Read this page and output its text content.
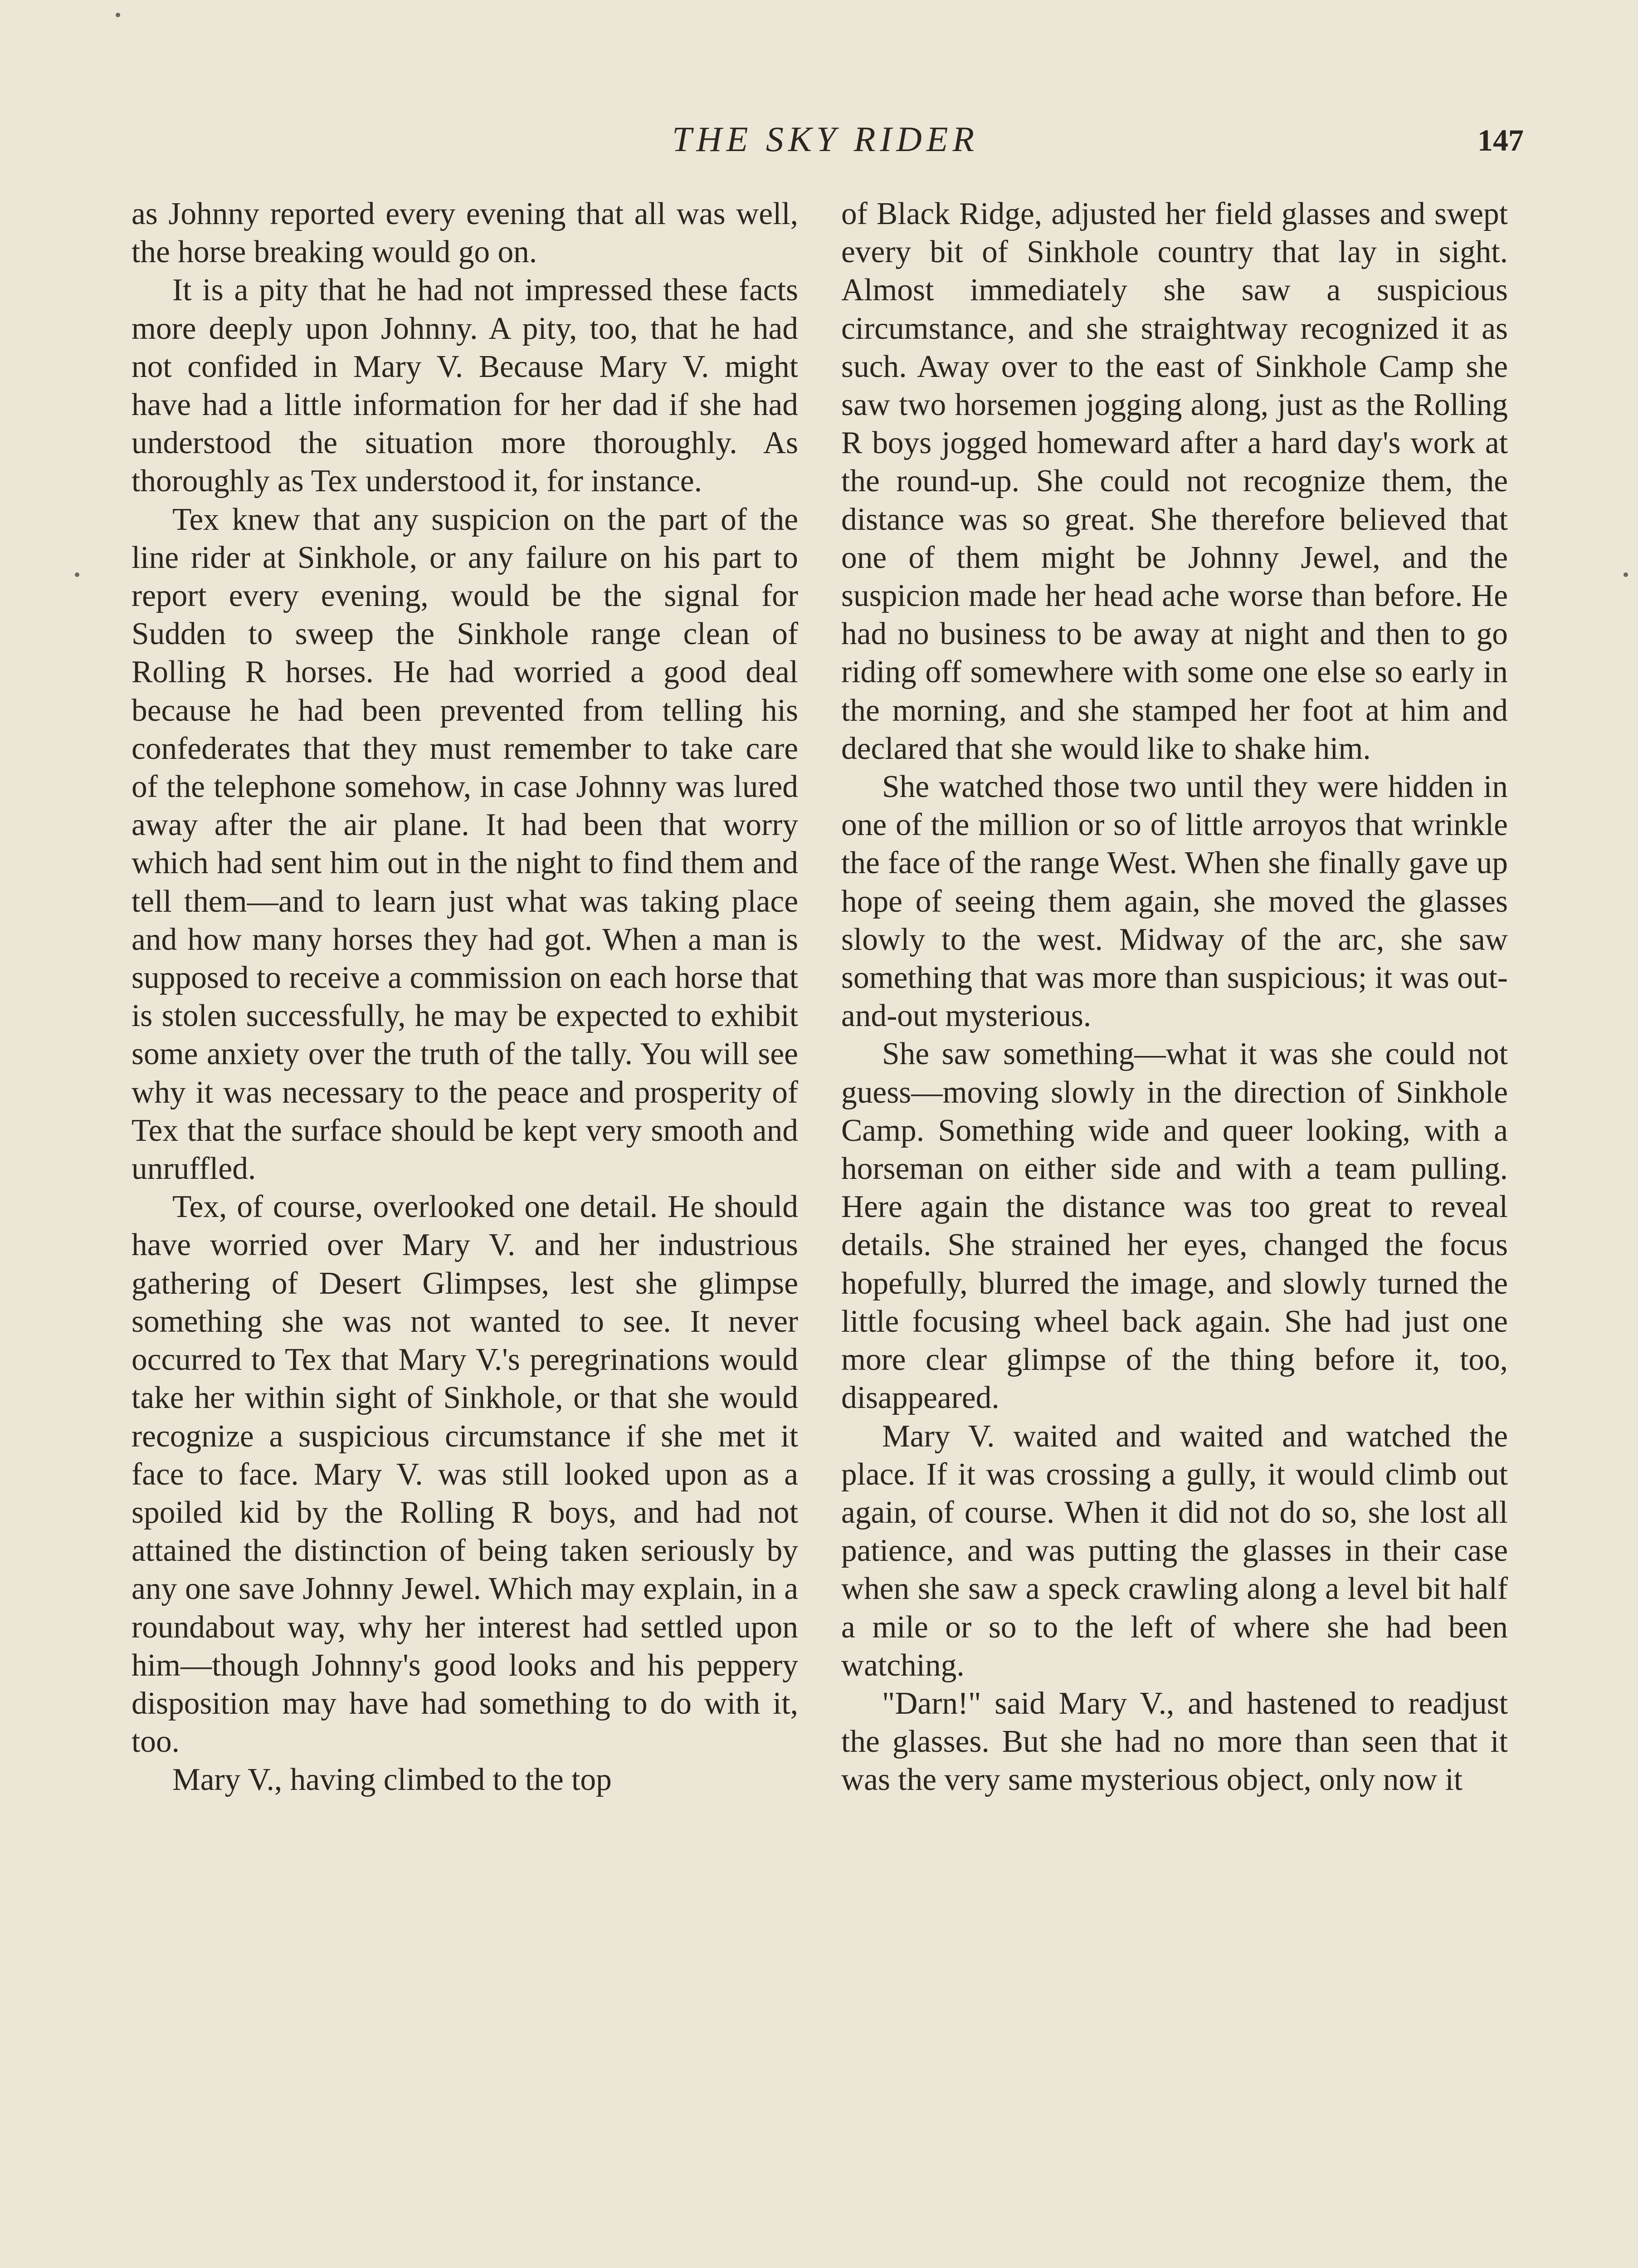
THE SKY RIDER	147

as Johnny reported every evening that all was well, the horse breaking would go on.

It is a pity that he had not impressed these facts more deeply upon Johnny. A pity, too, that he had not confided in Mary V. Because Mary V. might have had a little information for her dad if she had understood the situation more thoroughly. As thoroughly as Tex understood it, for instance.

Tex knew that any suspicion on the part of the line rider at Sinkhole, or any failure on his part to report every evening, would be the signal for Sudden to sweep the Sinkhole range clean of Rolling R horses. He had worried a good deal because he had been prevented from telling his confederates that they must remember to take care of the telephone somehow, in case Johnny was lured away after the air plane. It had been that worry which had sent him out in the night to find them and tell them—and to learn just what was taking place and how many horses they had got. When a man is supposed to receive a commission on each horse that is stolen successfully, he may be expected to exhibit some anxiety over the truth of the tally. You will see why it was necessary to the peace and prosperity of Tex that the surface should be kept very smooth and unruffled.

Tex, of course, overlooked one detail. He should have worried over Mary V. and her industrious gathering of Desert Glimpses, lest she glimpse something she was not wanted to see. It never occurred to Tex that Mary V.'s peregrinations would take her within sight of Sinkhole, or that she would recognize a suspicious circumstance if she met it face to face. Mary V. was still looked upon as a spoiled kid by the Rolling R boys, and had not attained the distinction of being taken seriously by any one save Johnny Jewel. Which may explain, in a roundabout way, why her interest had settled upon him—though Johnny's good looks and his peppery disposition may have had something to do with it, too.

Mary V., having climbed to the top

of Black Ridge, adjusted her field glasses and swept every bit of Sinkhole country that lay in sight. Almost immediately she saw a suspicious circumstance, and she straightway recognized it as such. Away over to the east of Sinkhole Camp she saw two horsemen jogging along, just as the Rolling R boys jogged homeward after a hard day's work at the round-up. She could not recognize them, the distance was so great. She therefore believed that one of them might be Johnny Jewel, and the suspicion made her head ache worse than before. He had no business to be away at night and then to go riding off somewhere with some one else so early in the morning, and she stamped her foot at him and declared that she would like to shake him.

She watched those two until they were hidden in one of the million or so of little arroyos that wrinkle the face of the range West. When she finally gave up hope of seeing them again, she moved the glasses slowly to the west. Midway of the arc, she saw something that was more than suspicious; it was out-and-out mysterious.

She saw something—what it was she could not guess—moving slowly in the direction of Sinkhole Camp. Something wide and queer looking, with a horseman on either side and with a team pulling. Here again the distance was too great to reveal details. She strained her eyes, changed the focus hopefully, blurred the image, and slowly turned the little focusing wheel back again. She had just one more clear glimpse of the thing before it, too, disappeared.

Mary V. waited and waited and watched the place. If it was crossing a gully, it would climb out again, of course. When it did not do so, she lost all patience, and was putting the glasses in their case when she saw a speck crawling along a level bit half a mile or so to the left of where she had been watching.

"Darn!" said Mary V., and hastened to readjust the glasses. But she had no more than seen that it was the very same mysterious object, only now it
